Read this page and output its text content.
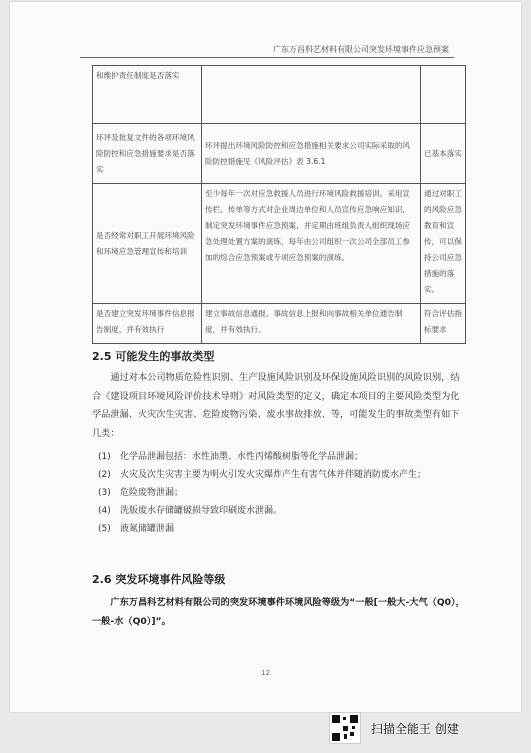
广东万昌科艺材料有限公司突发环境事件应急预案
和维护责任制度是否落实		
环评及批复文件的各项环境风险防控和应急措施要求是否落实	环评提出环境风险防控和应急措施相关要求公司实际采取的风险防控措施见《风险评估》表 3.6.1	已基本落实
是否经常对职工开展环境风险和环境应急管理宣传和培训	至少每年一次对应急救援人员进行环境风险救援培训。采用宣传栏、传单等方式对企业周边单位和人员宣传应急响应知识，制定突发环境事件应急预案，并定期由班组负责人组织现场应急处理处置方案的演练，每年由公司组织一次公司全部员工参加的综合应急预案或专项应急预案的演练。	通过对职工的风险应急教育和宣传，可以保持公司应急措施的落实。
是否建立突发环境事件信息报告制度，并有效执行	建立事故信息通报、事故信息上报和向事故相关单位通告制度，并有效执行。	符合评估指标要求
2.5 可能发生的事故类型
通过对本公司物质危险性识别、生产设施风险识别及环保设施风险识别的风险识别，结合《建设项目环境风险评价技术导则》对风险类型的定义，确定本项目的主要风险类型为化学品泄漏、火灾次生灾害、危险废物污染、废水事故排放、等，可能发生的事故类型有如下几类：
(1)	化学品泄漏包括：水性油墨、水性丙烯酸树脂等化学品泄漏；
(2)	火灾及次生灾害主要为明火引发火灾爆炸产生有害气体并伴随消防废水产生；
(3)	危险废物泄漏；
(4)	洗版废水存储罐破损导致印刷废水泄漏。
(5)	液氮储罐泄漏
2.6 突发环境事件风险等级
广东万昌科艺材料有限公司的突发环境事件环境风险等级为“一般[一般大-大气（Q0），一般-水（Q0）]”。
12
扫描全能王 创建
